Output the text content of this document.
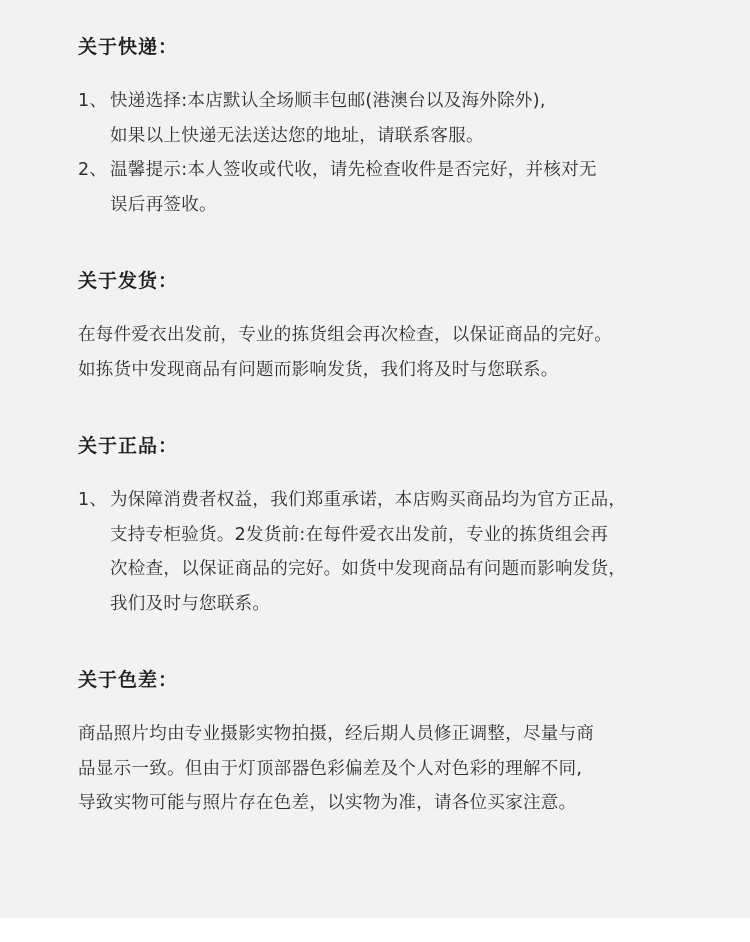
关于快递：
1、 快递选择:本店默认全场顺丰包邮(港澳台以及海外除外),
如果以上快递无法送达您的地址，请联系客服。
2、 温馨提示:本人签收或代收，请先检查收件是否完好，并核对无
误后再签收。
关于发货：
在每件爱衣出发前，专业的拣货组会再次检查，以保证商品的完好。
如拣货中发现商品有问题而影响发货，我们将及时与您联系。
关于正品：
1、 为保障消费者权益，我们郑重承诺，本店购买商品均为官方正品，
支持专柜验货。2发货前:在每件爱衣出发前，专业的拣货组会再
次检查，以保证商品的完好。如货中发现商品有问题而影响发货，
我们及时与您联系。
关于色差：
商品照片均由专业摄影实物拍摄，经后期人员修正调整，尽量与商
品显示一致。但由于灯顶部器色彩偏差及个人对色彩的理解不同,
导致实物可能与照片存在色差，以实物为准，请各位买家注意。
